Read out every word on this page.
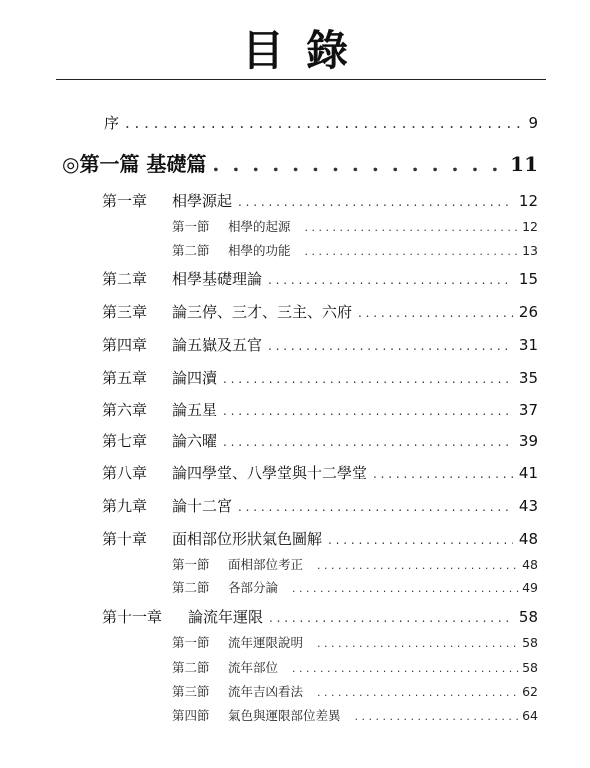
目錄
序 . . .	9
◎第一篇 基礎篇 . . .	11
第一章 相學源起 . . .	12
第一節 相學的起源 . . .	12
第二節 相學的功能 . . .	13
第二章 相學基礎理論 . . .	15
第三章 論三停、三才、三主、六府 . . .	26
第四章 論五嶽及五官 . . .	31
第五章 論四瀆 . . .	35
第六章 論五星 . . .	37
第七章 論六曜 . . .	39
第八章 論四學堂、八學堂與十二學堂 . . .	41
第九章 論十二宮 . . .	43
第十章 面相部位形狀氣色圖解 . . .	48
第一節 面相部位考正 . . .	48
第二節 各部分論 . . .	49
第十一章 論流年運限 . . .	58
第一節 流年運限說明 . . .	58
第二節 流年部位 . . .	58
第三節 流年吉凶看法 . . .	62
第四節 氣色與運限部位差異 . . .	64
